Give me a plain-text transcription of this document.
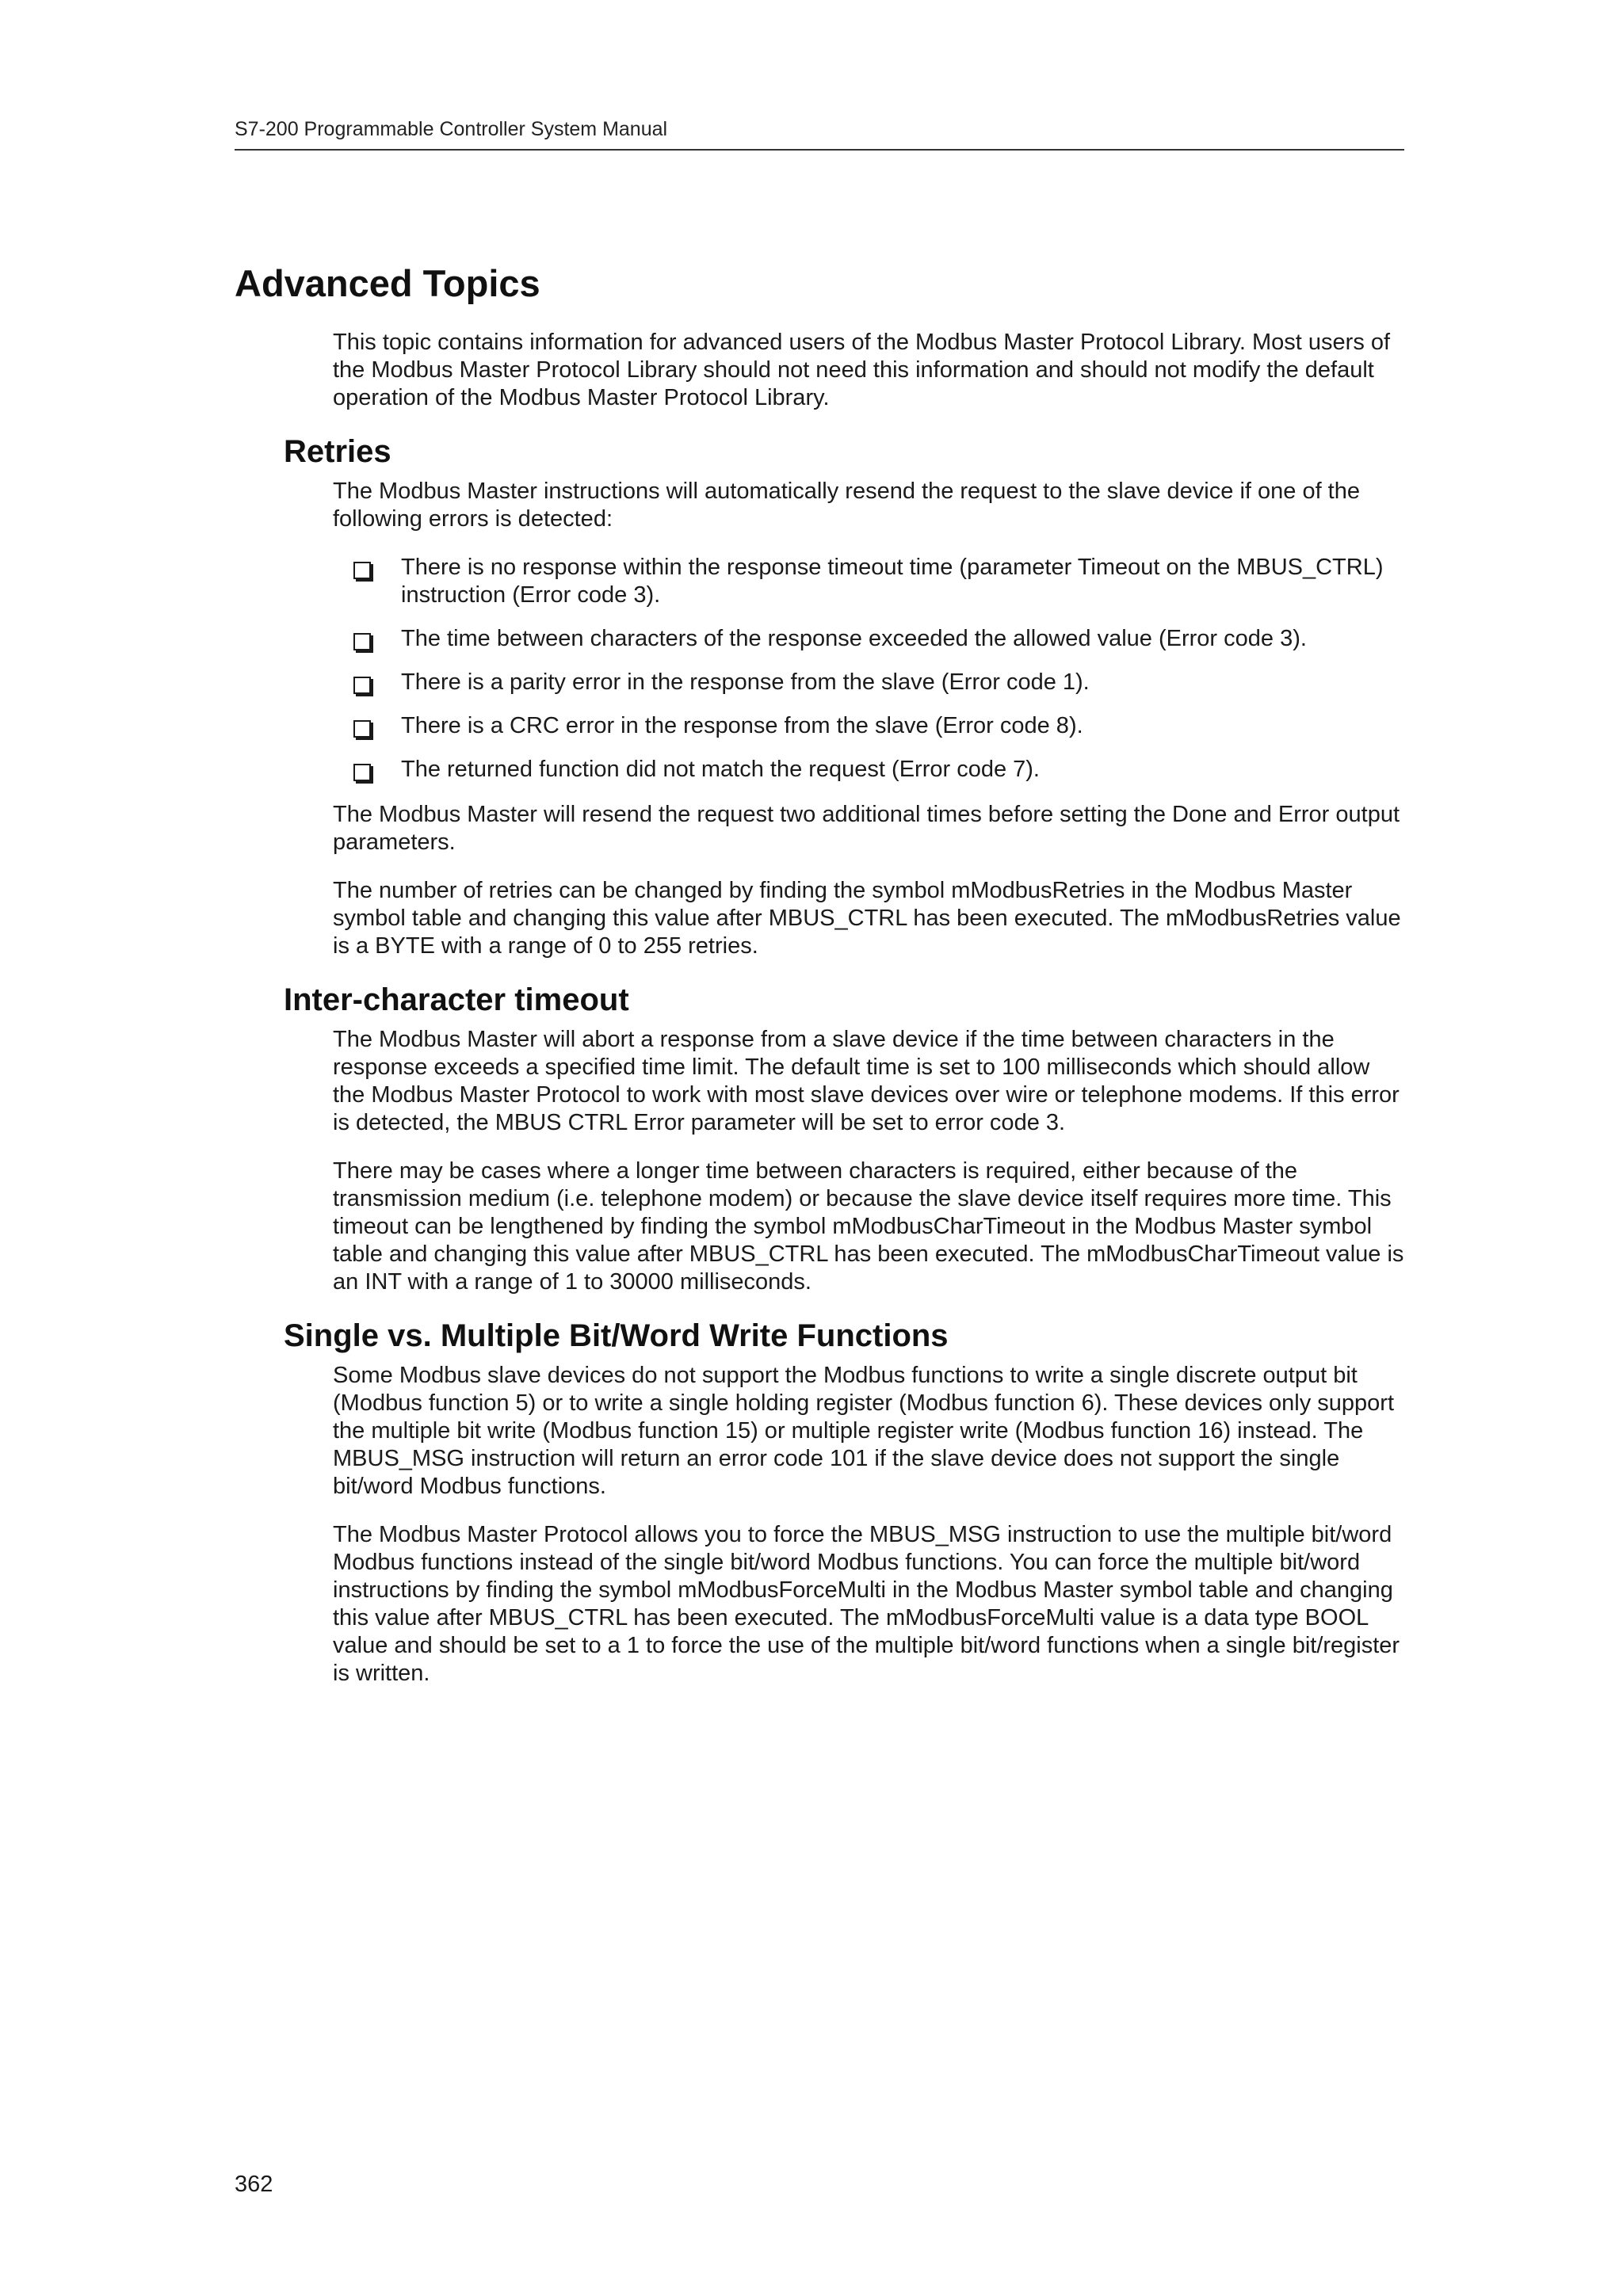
S7-200 Programmable Controller System Manual
Advanced Topics

This topic contains information for advanced users of the Modbus Master Protocol Library. Most users of the Modbus Master Protocol Library should not need this information and should not modify the default operation of the Modbus Master Protocol Library.

Retries

The Modbus Master instructions will automatically resend the request to the slave device if one of the following errors is detected:

There is no response within the response timeout time (parameter Timeout on the MBUS_CTRL) instruction (Error code 3).
The time between characters of the response exceeded the allowed value (Error code 3).
There is a parity error in the response from the slave (Error code 1).
There is a CRC error in the response from the slave (Error code 8).
The returned function did not match the request (Error code 7).

The Modbus Master will resend the request two additional times before setting the Done and Error output parameters.

The number of retries can be changed by finding the symbol mModbusRetries in the Modbus Master symbol table and changing this value after MBUS_CTRL has been executed. The mModbusRetries value is a BYTE with a range of 0 to 255 retries.

Inter-character timeout

The Modbus Master will abort a response from a slave device if the time between characters in the response exceeds a specified time limit. The default time is set to 100 milliseconds which should allow the Modbus Master Protocol to work with most slave devices over wire or telephone modems. If this error is detected, the MBUS CTRL Error parameter will be set to error code 3.

There may be cases where a longer time between characters is required, either because of the transmission medium (i.e. telephone modem) or because the slave device itself requires more time. This timeout can be lengthened by finding the symbol mModbusCharTimeout in the Modbus Master symbol table and changing this value after MBUS_CTRL has been executed. The mModbusCharTimeout value is an INT with a range of 1 to 30000 milliseconds.

Single vs. Multiple Bit/Word Write Functions

Some Modbus slave devices do not support the Modbus functions to write a single discrete output bit (Modbus function 5) or to write a single holding register (Modbus function 6). These devices only support the multiple bit write (Modbus function 15) or multiple register write (Modbus function 16) instead. The MBUS_MSG instruction will return an error code 101 if the slave device does not support the single bit/word Modbus functions.

The Modbus Master Protocol allows you to force the MBUS_MSG instruction to use the multiple bit/word Modbus functions instead of the single bit/word Modbus functions. You can force the multiple bit/word instructions by finding the symbol mModbusForceMulti in the Modbus Master symbol table and changing this value after MBUS_CTRL has been executed. The mModbusForceMulti value is a data type BOOL value and should be set to a 1 to force the use of the multiple bit/word functions when a single bit/register is written.

362
